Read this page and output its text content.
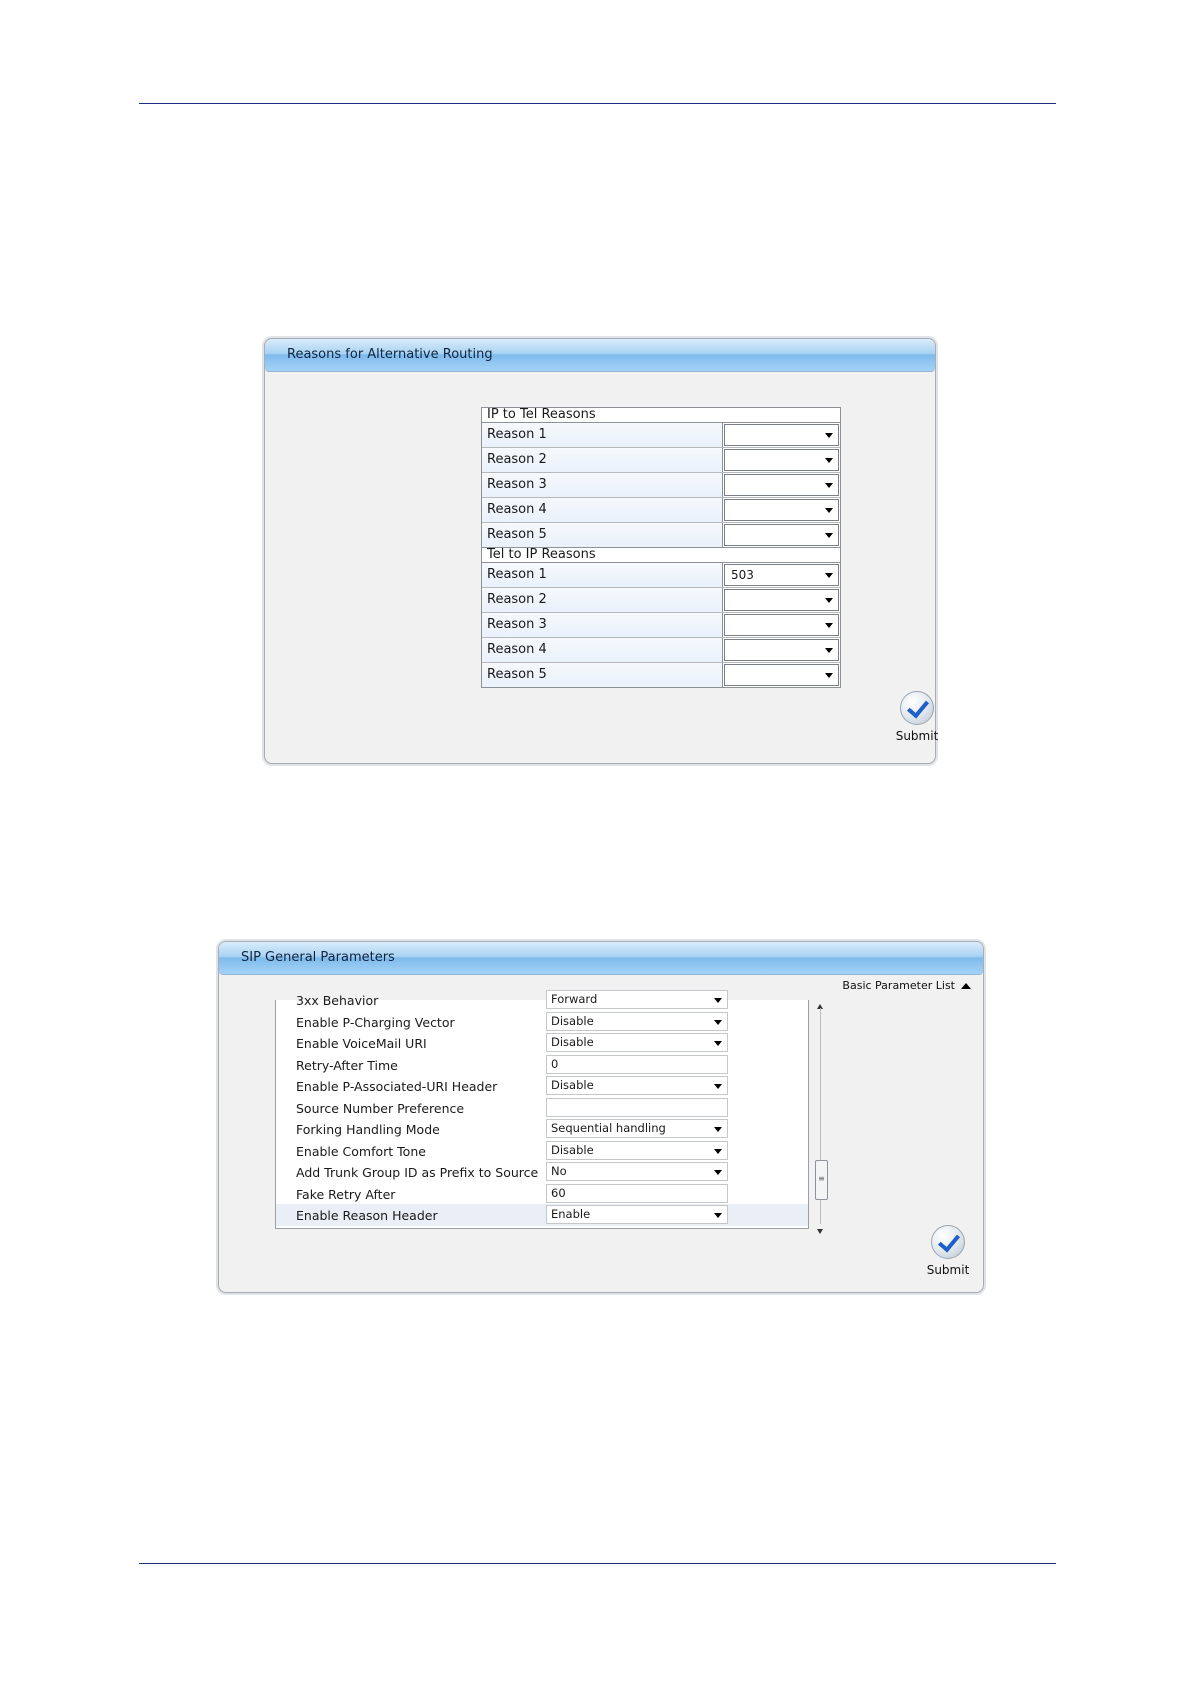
Reasons for Alternative Routing
IP to Tel Reasons
Reason 1
Reason 2
Reason 3
Reason 4
Reason 5
Tel to IP Reasons
Reason 1	503
Reason 2
Reason 3
Reason 4
Reason 5
Submit
SIP General Parameters
Basic Parameter List
3xx Behavior	Forward
Enable P-Charging Vector	Disable
Enable VoiceMail URI	Disable
Retry-After Time	0
Enable P-Associated-URI Header	Disable
Source Number Preference
Forking Handling Mode	Sequential handling
Enable Comfort Tone	Disable
Add Trunk Group ID as Prefix to Source	No
Fake Retry After	60
Enable Reason Header	Enable
≡
Submit
